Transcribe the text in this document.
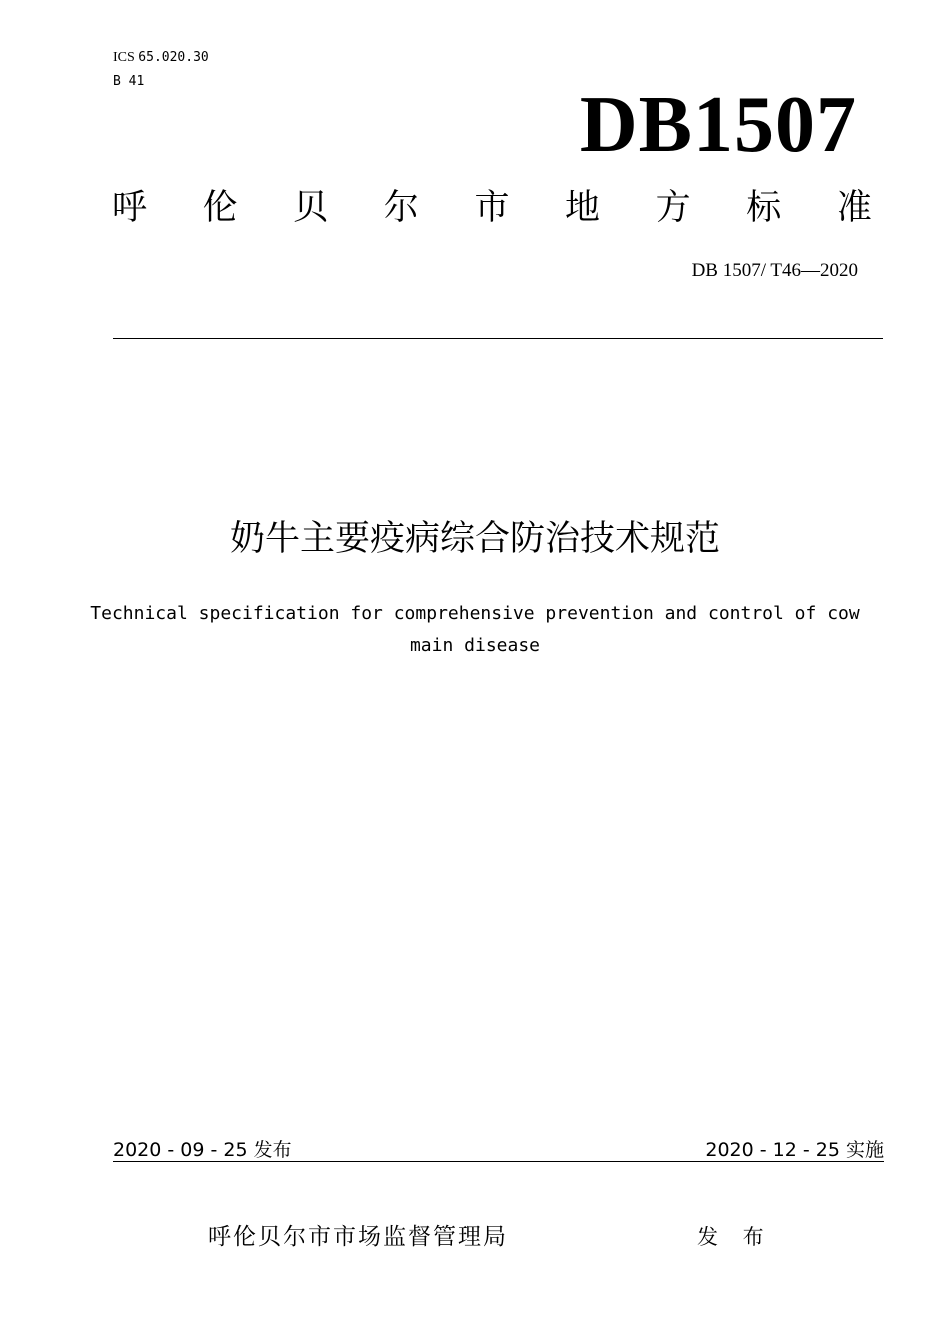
ICS 65.020.30
B 41	DB1507
呼 伦 贝 尔 市 地 方 标 准
DB 1507/ T46—2020
奶牛主要疫病综合防治技术规范
Technical specification for comprehensive prevention and control of cow main disease
2020 - 09 - 25 发布	2020 - 12 - 25 实施
呼伦贝尔市市场监督管理局	发 布
